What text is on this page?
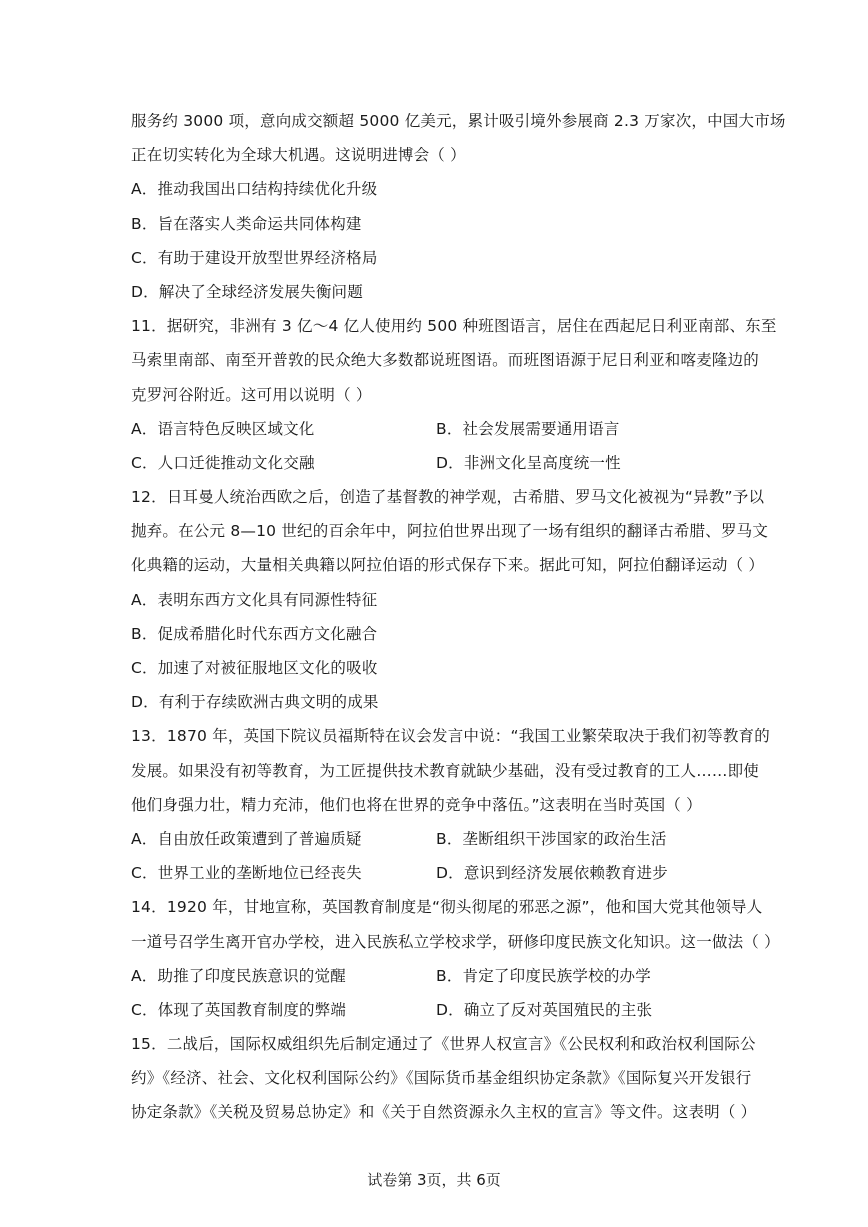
服务约 3000 项，意向成交额超 5000 亿美元，累计吸引境外参展商 2.3 万家次，中国大市场
正在切实转化为全球大机遇。这说明进博会（ ）
A．推动我国出口结构持续优化升级
B．旨在落实人类命运共同体构建
C．有助于建设开放型世界经济格局
D．解决了全球经济发展失衡问题
11．据研究，非洲有 3 亿～4 亿人使用约 500 种班图语言，居住在西起尼日利亚南部、东至
马索里南部、南至开普敦的民众绝大多数都说班图语。而班图语源于尼日利亚和喀麦隆边的
克罗河谷附近。这可用以说明（ ）
A．语言特色反映区域文化	B．社会发展需要通用语言
C．人口迁徙推动文化交融	D．非洲文化呈高度统一性
12．日耳曼人统治西欧之后，创造了基督教的神学观，古希腊、罗马文化被视为“异教”予以
抛弃。在公元 8—10 世纪的百余年中，阿拉伯世界出现了一场有组织的翻译古希腊、罗马文
化典籍的运动，大量相关典籍以阿拉伯语的形式保存下来。据此可知，阿拉伯翻译运动（ ）
A．表明东西方文化具有同源性特征
B．促成希腊化时代东西方文化融合
C．加速了对被征服地区文化的吸收
D．有利于存续欧洲古典文明的成果
13．1870 年，英国下院议员福斯特在议会发言中说：“我国工业繁荣取决于我们初等教育的
发展。如果没有初等教育，为工匠提供技术教育就缺少基础，没有受过教育的工人……即使
他们身强力壮，精力充沛，他们也将在世界的竞争中落伍。”这表明在当时英国（ ）
A．自由放任政策遭到了普遍质疑	B．垄断组织干涉国家的政治生活
C．世界工业的垄断地位已经丧失	D．意识到经济发展依赖教育进步
14．1920 年，甘地宣称，英国教育制度是“彻头彻尾的邪恶之源”，他和国大党其他领导人
一道号召学生离开官办学校，进入民族私立学校求学，研修印度民族文化知识。这一做法（ ）
A．助推了印度民族意识的觉醒	B．肯定了印度民族学校的办学
C．体现了英国教育制度的弊端	D．确立了反对英国殖民的主张
15．二战后，国际权威组织先后制定通过了《世界人权宣言》《公民权利和政治权利国际公
约》《经济、社会、文化权利国际公约》《国际货币基金组织协定条款》《国际复兴开发银行
协定条款》《关税及贸易总协定》和《关于自然资源永久主权的宣言》等文件。这表明（ ）
试卷第 3页，共 6页
